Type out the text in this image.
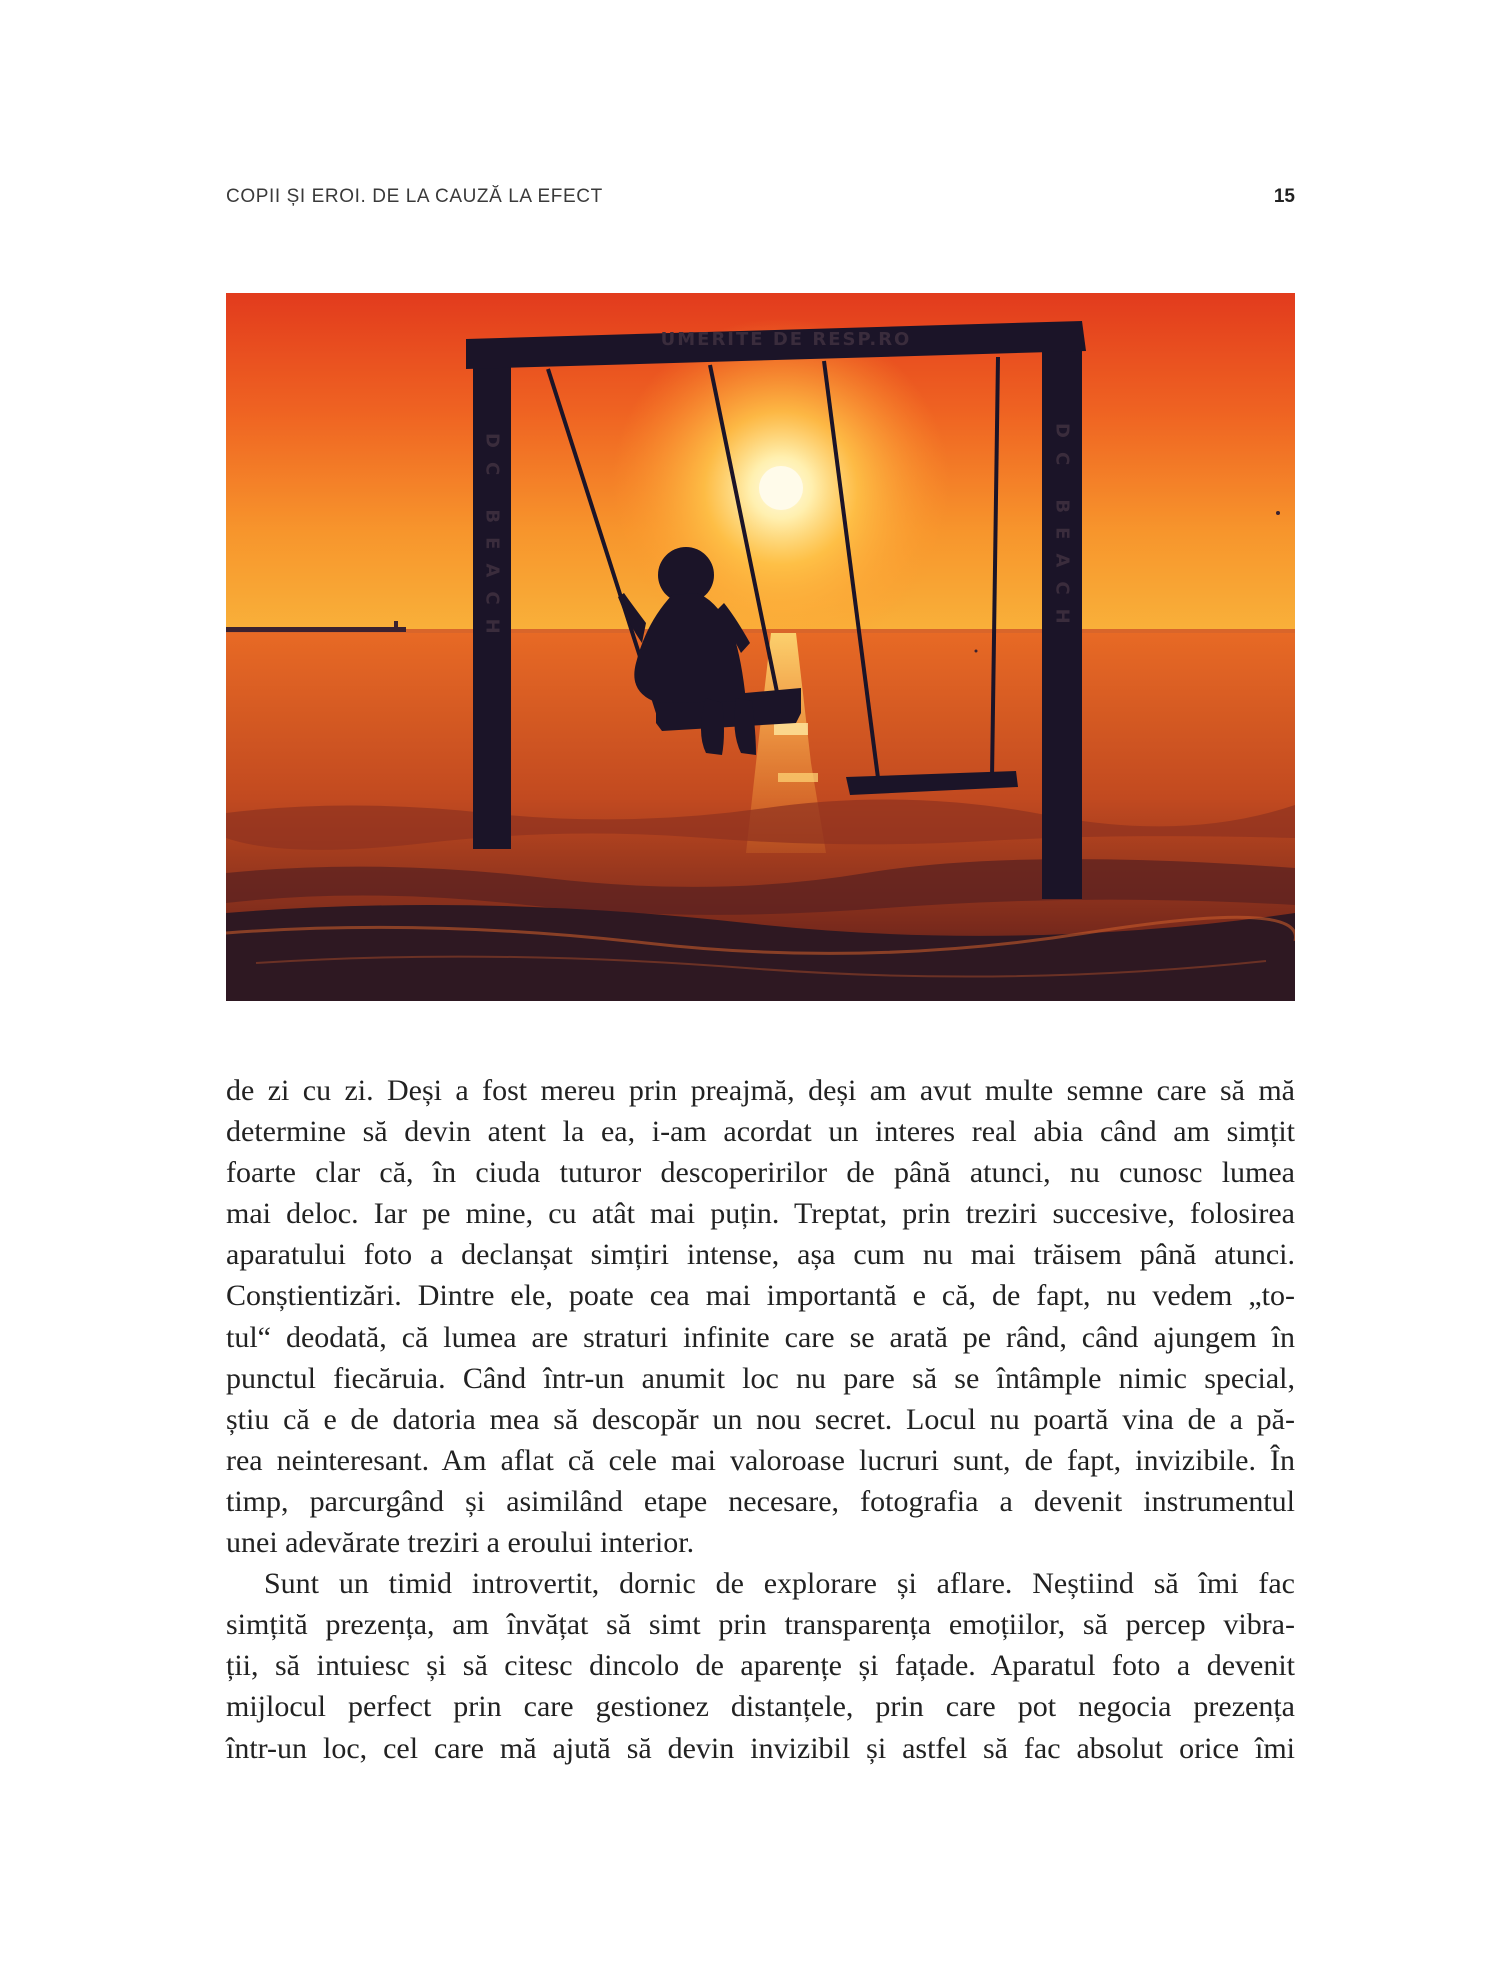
COPII ȘI EROI. DE LA CAUZĂ LA EFECT	15
UMERITE DE RESP.RO
DC BEACH	DC BEACH
de zi cu zi. Deși a fost mereu prin preajmă, deși am avut multe semne care să mă
determine să devin atent la ea, i-am acordat un interes real abia când am simțit
foarte clar că, în ciuda tuturor descoperirilor de până atunci, nu cunosc lumea
mai deloc. Iar pe mine, cu atât mai puțin. Treptat, prin treziri succesive, folosirea
aparatului foto a declanșat simțiri intense, așa cum nu mai trăisem până atunci.
Conștientizări. Dintre ele, poate cea mai importantă e că, de fapt, nu vedem „to-
tul“ deodată, că lumea are straturi infinite care se arată pe rând, când ajungem în
punctul fiecăruia. Când într-un anumit loc nu pare să se întâmple nimic special,
știu că e de datoria mea să descopăr un nou secret. Locul nu poartă vina de a pă-
rea neinteresant. Am aflat că cele mai valoroase lucruri sunt, de fapt, invizibile. În
timp, parcurgând și asimilând etape necesare, fotografia a devenit instrumentul
unei adevărate treziri a eroului interior.
Sunt un timid introvertit, dornic de explorare și aflare. Neștiind să îmi fac
simțită prezența, am învățat să simt prin transparența emoțiilor, să percep vibra-
ții, să intuiesc și să citesc dincolo de aparențe și fațade. Aparatul foto a devenit
mijlocul perfect prin care gestionez distanțele, prin care pot negocia prezența
într-un loc, cel care mă ajută să devin invizibil și astfel să fac absolut orice îmi
